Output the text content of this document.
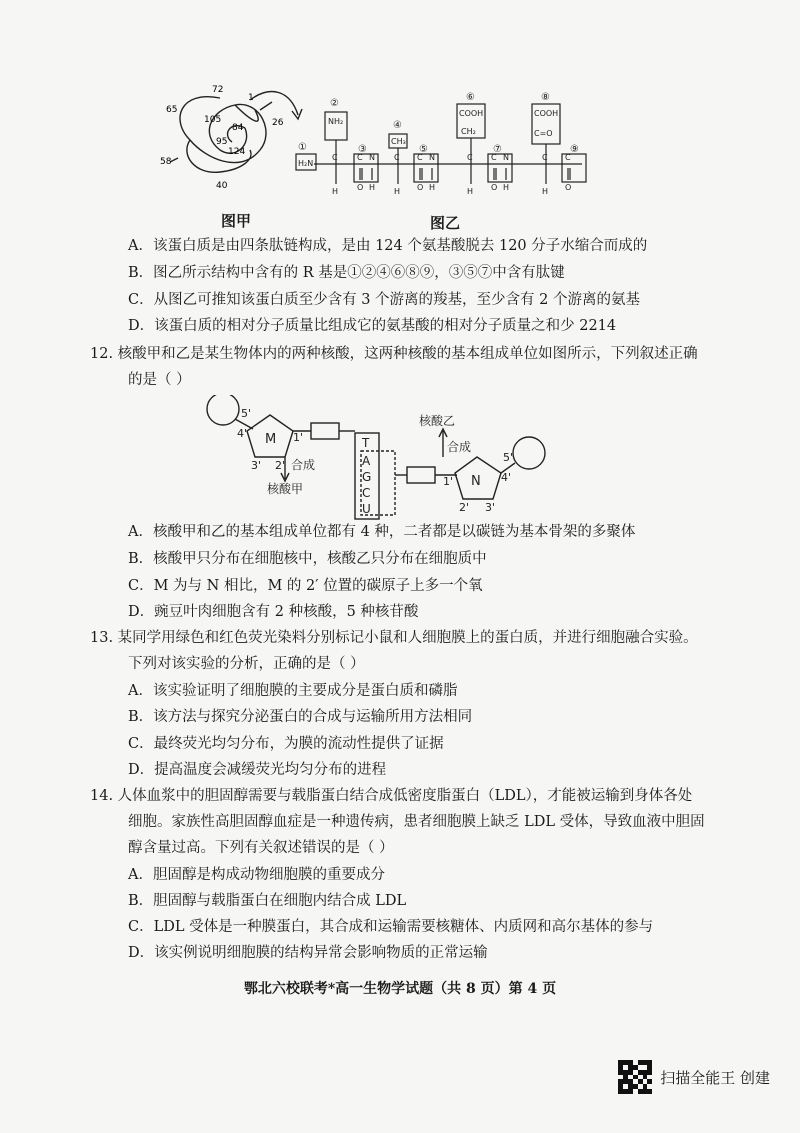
72
65
1
105
84	26
95
124
58
40
图甲
H₂N
NH₂
CH₃
COOH
CH₂
COOH
C=O
C C N C C N	C C N	C C
H O H H O H	H O H	H O
①
②
③
④
⑤
⑥
⑦
⑧
⑨
图乙
A．该蛋白质是由四条肽链构成，是由 124 个氨基酸脱去 120 分子水缩合而成的
B．图乙所示结构中含有的 R 基是①②④⑥⑧⑨，③⑤⑦中含有肽键
C．从图乙可推知该蛋白质至少含有 3 个游离的羧基，至少含有 2 个游离的氨基
D．该蛋白质的相对分子质量比组成它的氨基酸的相对分子质量之和少 2214
12. 核酸甲和乙是某生物体内的两种核酸，这两种核酸的基本组成单位如图所示，下列叙述正确
的是（ ）
M
N
5'
4'	1'
3' 2'
5'
4'
1'
2' 3'
合成
核酸甲
合成
核酸乙
T
A
G
C
U
A．核酸甲和乙的基本组成单位都有 4 种，二者都是以碳链为基本骨架的多聚体
B．核酸甲只分布在细胞核中，核酸乙只分布在细胞质中
C．M 为与 N 相比，M 的 2′ 位置的碳原子上多一个氧
D．豌豆叶肉细胞含有 2 种核酸，5 种核苷酸
13. 某同学用绿色和红色荧光染料分别标记小鼠和人细胞膜上的蛋白质，并进行细胞融合实验。
下列对该实验的分析，正确的是（ ）
A．该实验证明了细胞膜的主要成分是蛋白质和磷脂
B．该方法与探究分泌蛋白的合成与运输所用方法相同
C．最终荧光均匀分布，为膜的流动性提供了证据
D．提高温度会减缓荧光均匀分布的进程
14. 人体血浆中的胆固醇需要与载脂蛋白结合成低密度脂蛋白（LDL），才能被运输到身体各处
细胞。家族性高胆固醇血症是一种遗传病，患者细胞膜上缺乏 LDL 受体，导致血液中胆固
醇含量过高。下列有关叙述错误的是（ ）
A．胆固醇是构成动物细胞膜的重要成分
B．胆固醇与载脂蛋白在细胞内结合成 LDL
C．LDL 受体是一种膜蛋白，其合成和运输需要核糖体、内质网和高尔基体的参与
D．该实例说明细胞膜的结构异常会影响物质的正常运输
鄂北六校联考*高一生物学试题（共 8 页）第 4 页
扫描全能王 创建
